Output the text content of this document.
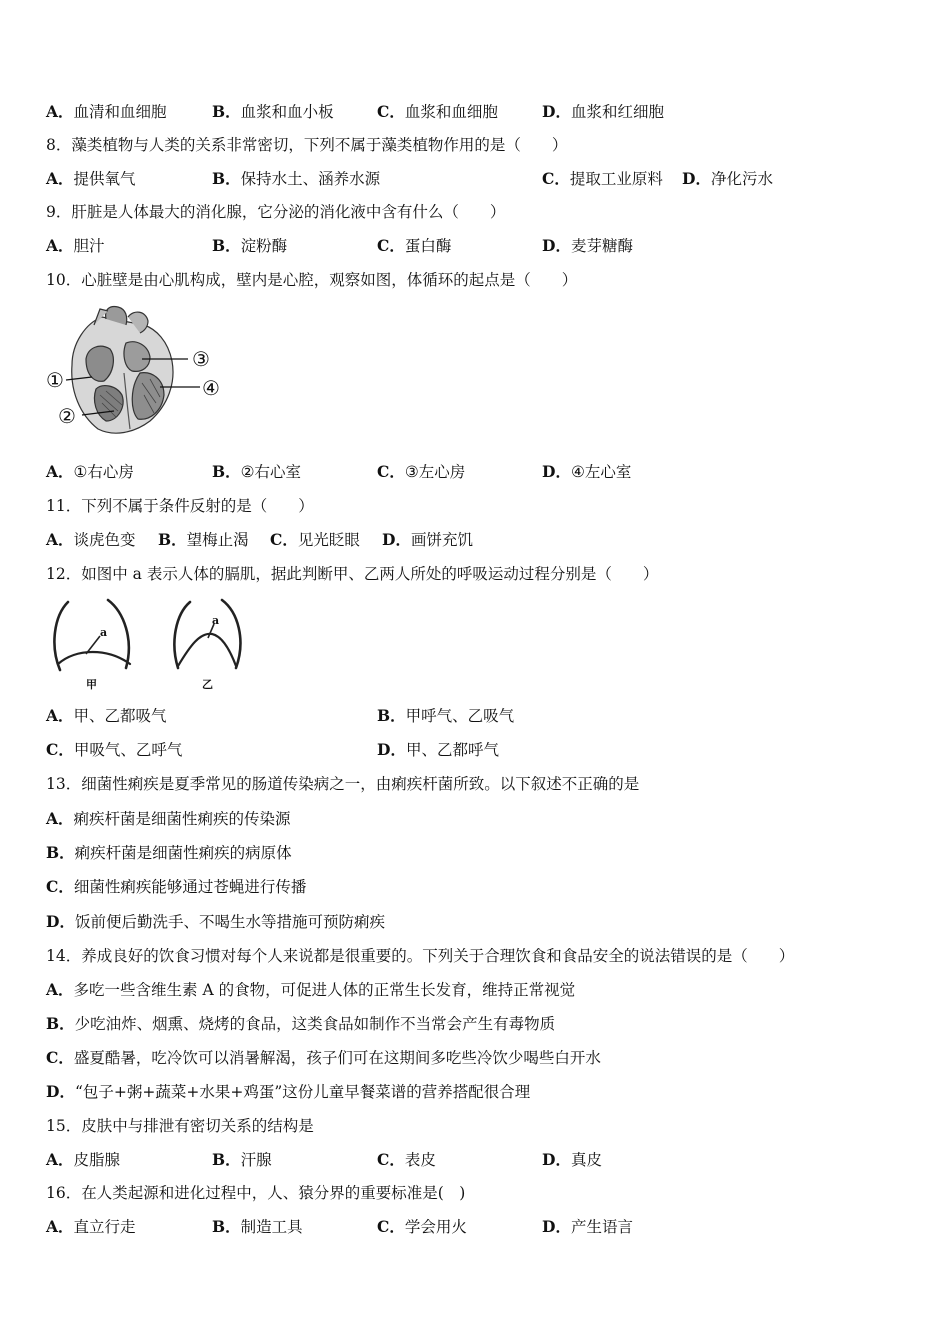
A．血清和血细胞	B．血浆和血小板	C．血浆和血细胞	D．血浆和红细胞
8．藻类植物与人类的关系非常密切，下列不属于藻类植物作用的是（　　）
A．提供氧气	B．保持水土、涵养水源	C．提取工业原料 D．净化污水
9．肝脏是人体最大的消化腺，它分泌的消化液中含有什么（　　）
A．胆汁	B．淀粉酶	C．蛋白酶	D．麦芽糖酶
10．心脏壁是由心肌构成，壁内是心腔，观察如图，体循环的起点是（　　）
①
②
③
④
A．①右心房	B．②右心室	C．③左心房	D．④左心室
11．下列不属于条件反射的是（　　）
A．谈虎色变 B．望梅止渴 C．见光眨眼 D．画饼充饥
12．如图中 a 表示人体的膈肌，据此判断甲、乙两人所处的呼吸运动过程分别是（　　）
a
甲
a
乙
A．甲、乙都吸气	B．甲呼气、乙吸气
C．甲吸气、乙呼气	D．甲、乙都呼气
13．细菌性痢疾是夏季常见的肠道传染病之一，由痢疾杆菌所致。以下叙述不正确的是
A．痢疾杆菌是细菌性痢疾的传染源
B．痢疾杆菌是细菌性痢疾的病原体
C．细菌性痢疾能够通过苍蝇进行传播
D．饭前便后勤洗手、不喝生水等措施可预防痢疾
14．养成良好的饮食习惯对每个人来说都是很重要的。下列关于合理饮食和食品安全的说法错误的是（　　）
A．多吃一些含维生素 A 的食物，可促进人体的正常生长发育，维持正常视觉
B．少吃油炸、烟熏、烧烤的食品，这类食品如制作不当常会产生有毒物质
C．盛夏酷暑，吃冷饮可以消暑解渴，孩子们可在这期间多吃些冷饮少喝些白开水
D．“包子+粥+蔬菜+水果+鸡蛋”这份儿童早餐菜谱的营养搭配很合理
15．皮肤中与排泄有密切关系的结构是
A．皮脂腺	B．汗腺	C．表皮	D．真皮
16．在人类起源和进化过程中，人、猿分界的重要标准是(　)
A．直立行走	B．制造工具	C．学会用火	D．产生语言
